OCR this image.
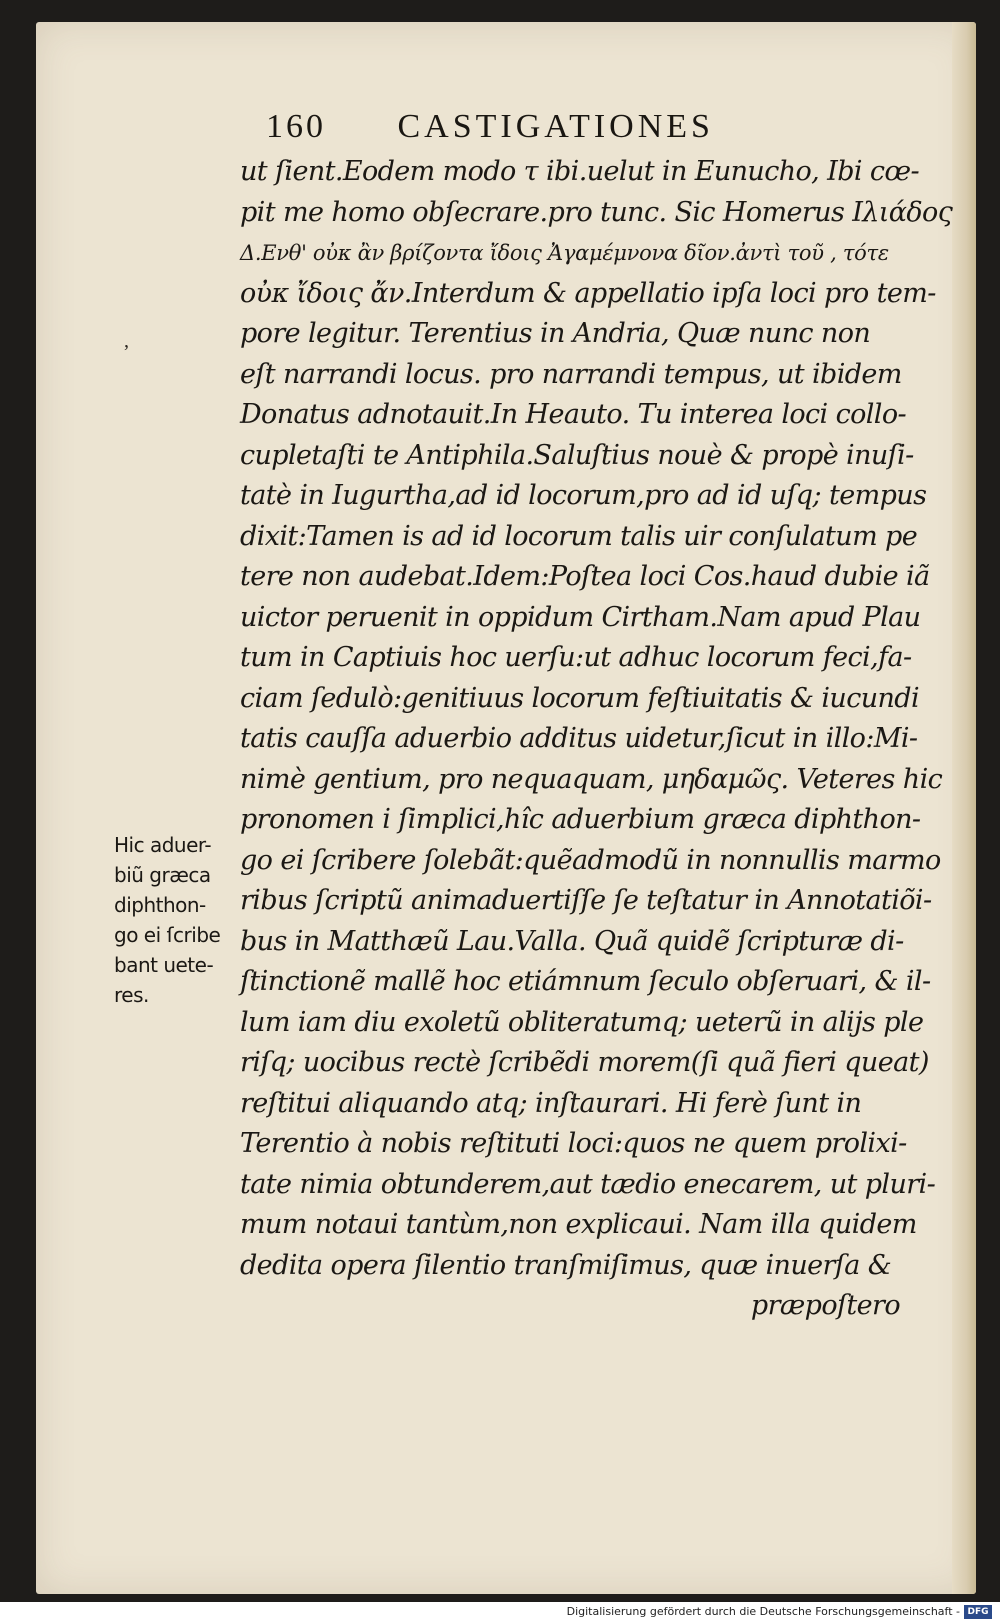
160 CASTIGATIONES
,
ut ſient.Eodem modo τ ibi.uelut in Eunucho, Ibi cœ-
pit me homo obſecrare.pro tunc. Sic Homerus Ιλιάδος
Δ.Ενθ' οὐκ ἂν βρίζοντα ἴδοις Ἀγαμέμνονα δῖον.ἀντὶ τοῦ , τότε
οὐκ ἴδοις ἄν.Interdum & appellatio ipſa loci pro tem-
pore legitur. Terentius in Andria, Quæ nunc non
eſt narrandi locus. pro narrandi tempus, ut ibidem
Donatus adnotauit.In Heauto. Tu interea loci collo-
cupletaſti te Antiphila.Saluſtius nouè & propè inuſi-
tatè in Iugurtha,ad id locorum,pro ad id uſq; tempus
dixit:Tamen is ad id locorum talis uir conſulatum pe
tere non audebat.Idem:Poſtea loci Cos.haud dubie iã
uictor peruenit in oppidum Cirtham.Nam apud Plau
tum in Captiuis hoc uerſu:ut adhuc locorum feci,fa-
ciam ſedulò:genitiuus locorum feſtiuitatis & iucundi
tatis cauſſa aduerbio additus uidetur,ſicut in illo:Mi-
nimè gentium, pro nequaquam, μηδαμῶς. Veteres hic
pronomen i ſimplici,hîc aduerbium græca diphthon-
go ei ſcribere ſolebãt:quẽadmodũ in nonnullis marmo
ribus ſcriptũ animaduertiſſe ſe teſtatur in Annotatiõi-
bus in Matthæũ Lau.Valla. Quã quidẽ ſcripturæ di-
ſtinctionẽ mallẽ hoc etiámnum ſeculo obſeruari, & il-
lum iam diu exoletũ obliteratumq; ueterũ in alijs ple
riſq; uocibus rectè ſcribẽdi morem(ſi quã fieri queat)
reſtitui aliquando atq; inſtaurari. Hi ferè ſunt in
Terentio à nobis reſtituti loci:quos ne quem prolixi-
tate nimia obtunderem,aut tædio enecarem, ut pluri-
mum notaui tantùm,non explicaui. Nam illa quidem
dedita opera ſilentio tranſmiſimus, quæ inuerſa &
præpoſtero
Hic aduer-
biũ græca
diphthon-
go ei ſcribe
bant uete-
res.
Digitalisierung gefördert durch die Deutsche Forschungsgemeinschaft - DFG
